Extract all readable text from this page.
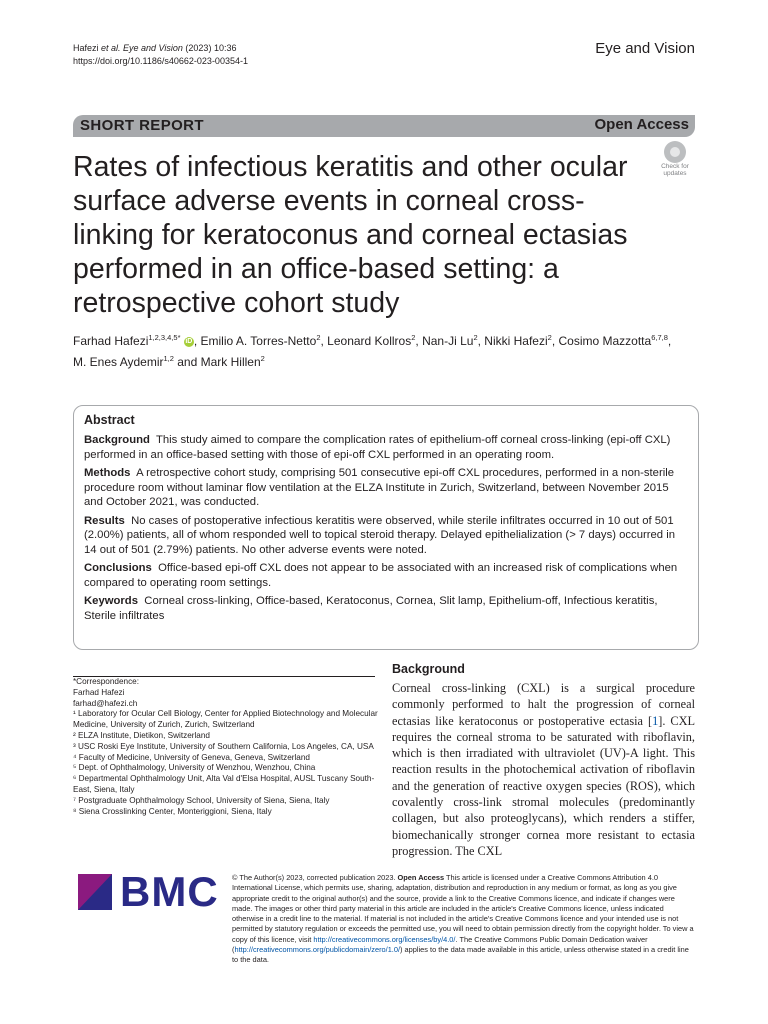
Hafezi et al. Eye and Vision (2023) 10:36
https://doi.org/10.1186/s40662-023-00354-1
Eye and Vision
SHORT REPORT	Open Access
Rates of infectious keratitis and other ocular surface adverse events in corneal cross-linking for keratoconus and corneal ectasias performed in an office-based setting: a retrospective cohort study
Check for
updates
Farhad Hafezi$^{1,2,3,4,5*}$ iD , Emilio A. Torres-Netto$^2$, Leonard Kollros$^2$, Nan-Ji Lu$^2$, Nikki Hafezi$^2$, Cosimo Mazzotta$^{6,7,8}$,
M. Enes Aydemir$^{1,2}$ and Mark Hillen$^2$
Abstract

Background This study aimed to compare the complication rates of epithelium-off corneal cross-linking (epi-off CXL) performed in an office-based setting with those of epi-off CXL performed in an operating room.

Methods A retrospective cohort study, comprising 501 consecutive epi-off CXL procedures, performed in a non-sterile procedure room without laminar flow ventilation at the ELZA Institute in Zurich, Switzerland, between November 2015 and October 2021, was conducted.

Results No cases of postoperative infectious keratitis were observed, while sterile infiltrates occurred in 10 out of 501 (2.00%) patients, all of whom responded well to topical steroid therapy. Delayed epithelialization (> 7 days) occurred in 14 out of 501 (2.79%) patients. No other adverse events were noted.

Conclusions Office-based epi-off CXL does not appear to be associated with an increased risk of complications when compared to operating room settings.

Keywords Corneal cross-linking, Office-based, Keratoconus, Cornea, Slit lamp, Epithelium-off, Infectious keratitis, Sterile infiltrates

*Correspondence:
Farhad Hafezi
farhad@hafezi.ch
¹ Laboratory for Ocular Cell Biology, Center for Applied Biotechnology and Molecular Medicine, University of Zurich, Zurich, Switzerland
² ELZA Institute, Dietikon, Switzerland
³ USC Roski Eye Institute, University of Southern California, Los Angeles, CA, USA
⁴ Faculty of Medicine, University of Geneva, Geneva, Switzerland
⁵ Dept. of Ophthalmology, University of Wenzhou, Wenzhou, China
⁶ Departmental Ophthalmology Unit, Alta Val d'Elsa Hospital, AUSL Tuscany South-East, Siena, Italy
⁷ Postgraduate Ophthalmology School, University of Siena, Siena, Italy
⁸ Siena Crosslinking Center, Monteriggioni, Siena, Italy
Background
Corneal cross-linking (CXL) is a surgical procedure commonly performed to halt the progression of corneal ectasias like keratoconus or postoperative ectasia [1]. CXL requires the corneal stroma to be saturated with riboflavin, which is then irradiated with ultraviolet (UV)-A light. This reaction results in the photochemical activation of riboflavin and the generation of reactive oxygen species (ROS), which covalently cross-link stromal molecules (predominantly collagen, but also proteoglycans), which renders a stiffer, biomechanically stronger cornea more resistant to ectasia progression. The CXL
BMC © The Author(s) 2023, corrected publication 2023. Open Access This article is licensed under a Creative Commons Attribution 4.0 International License, which permits use, sharing, adaptation, distribution and reproduction in any medium or format, as long as you give appropriate credit to the original author(s) and the source, provide a link to the Creative Commons licence, and indicate if changes were made. The images or other third party material in this article are included in the article's Creative Commons licence, unless indicated otherwise in a credit line to the material. If material is not included in the article's Creative Commons licence and your intended use is not permitted by statutory regulation or exceeds the permitted use, you will need to obtain permission directly from the copyright holder. To view a copy of this licence, visit http://creativecommons.org/licenses/by/4.0/. The Creative Commons Public Domain Dedication waiver (http://creativecommons.org/publicdomain/zero/1.0/) applies to the data made available in this article, unless otherwise stated in a credit line to the data.
